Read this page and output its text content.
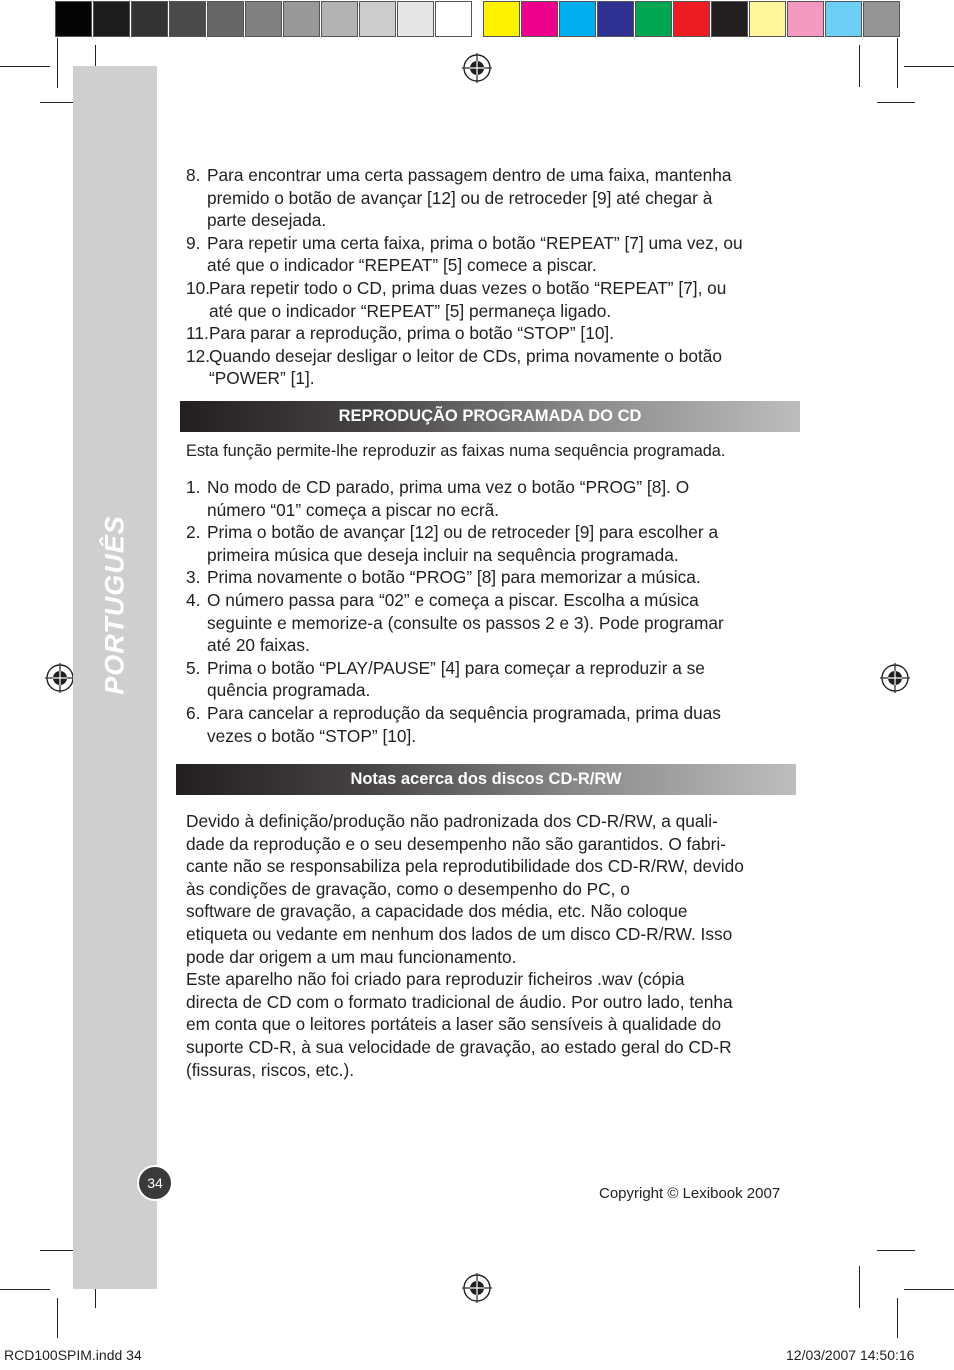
PORTUGUÊS
8. Para encontrar uma certa passagem dentro de uma faixa, mantenha
premido o botão de avançar [12] ou de retroceder [9] até chegar à
parte desejada.
9. Para repetir uma certa faixa, prima o botão “REPEAT” [7] uma vez, ou
até que o indicador “REPEAT” [5] comece a piscar.
10.
Para repetir todo o CD, prima duas vezes o botão “REPEAT” [7], ou
até que o indicador “REPEAT” [5] permaneça ligado.
11. Para parar a reprodução, prima o botão “STOP” [10].
12.
Quando desejar desligar o leitor de CDs, prima novamente o botão
“POWER” [1].
REPRODUÇÃO PROGRAMADA DO CD
Esta função permite-lhe reproduzir as faixas numa sequência programada.
1. No modo de CD parado, prima uma vez o botão “PROG” [8]. O
número “01” começa a piscar no ecrã.
2. Prima o botão de avançar [12] ou de retroceder [9] para escolher a
primeira música que deseja incluir na sequência programada.
3. Prima novamente o botão “PROG” [8] para memorizar a música.
4. O número passa para “02” e começa a piscar. Escolha a música
seguinte e memorize-a (consulte os passos 2 e 3). Pode programar
até 20 faixas.
5. Prima o botão “PLAY/PAUSE” [4] para começar a reproduzir a se
quência programada.
6. Para cancelar a reprodução da sequência programada, prima duas
vezes o botão “STOP” [10].
Notas acerca dos discos CD-R/RW
Devido à definição/produção não padronizada dos CD-R/RW, a quali-
dade da reprodução e o seu desempenho não são garantidos. O fabri-
cante não se responsabiliza pela reprodutibilidade dos CD-R/RW, devido
às condições de gravação, como o desempenho do PC, o
software de gravação, a capacidade dos média, etc. Não coloque
etiqueta ou vedante em nenhum dos lados de um disco CD-R/RW. Isso
pode dar origem a um mau funcionamento.
Este aparelho não foi criado para reproduzir ficheiros .wav (cópia
directa de CD com o formato tradicional de áudio. Por outro lado, tenha
em conta que o leitores portáteis a laser são sensíveis à qualidade do
suporte CD-R, à sua velocidade de gravação, ao estado geral do CD-R
(fissuras, riscos, etc.).
34
Copyright © Lexibook 2007
RCD100SPIM.indd 34	12/03/2007 14:50:16
